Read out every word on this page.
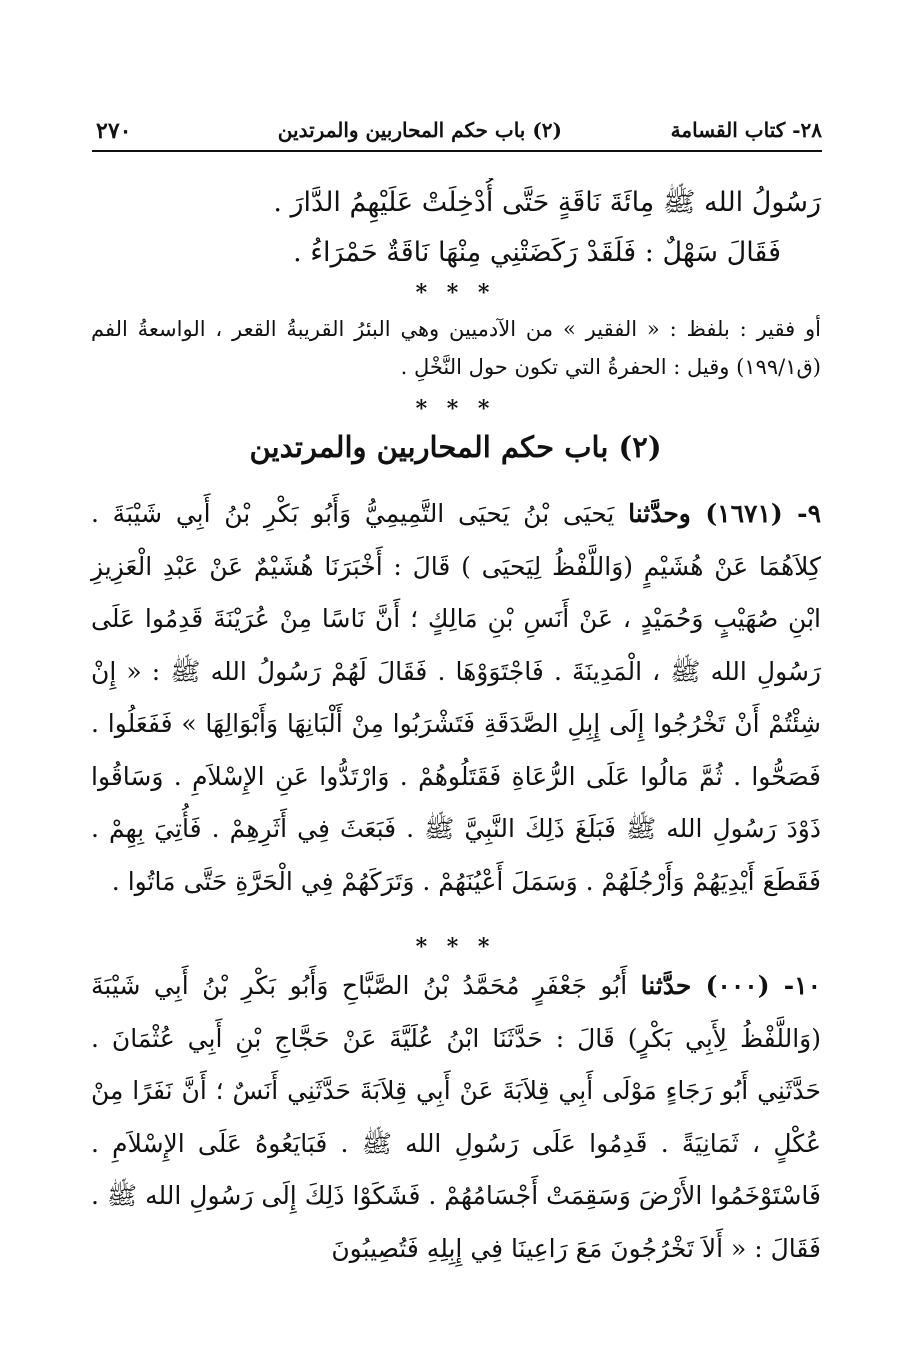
٢٨- كتاب القسامة
(٢) باب حكم المحاربين والمرتدين
٢٧٠
رَسُولُ الله ﷺ مِائَةَ نَاقَةٍ حَتَّى أُدْخِلَتْ عَلَيْهِمُ الدَّارَ .
فَقَالَ سَهْلٌ : فَلَقَدْ رَكَضَتْنِي مِنْهَا نَاقَةٌ حَمْرَاءُ .
* * *
أو فقير : بلفظ : « الفقير » من الآدميين وهي البئرُ القريبةُ القعر ، الواسعةُ الفم (ق١٩٩/١) وقيل : الحفرةُ التي تكون حول النَّخْلِ .
* * *
(٢) باب حكم المحاربين والمرتدين
٩- (١٦٧١) وحدَّثنا يَحيَى بْنُ يَحيَى التَّمِيمِيُّ وَأَبُو بَكْرِ بْنُ أَبِي شَيْبَةَ . كِلاَهُمَا عَنْ هُشَيْمٍ (وَاللَّفْظُ لِيَحيَى ) قَالَ : أَخْبَرَنَا هُشَيْمٌ عَنْ عَبْدِ الْعَزِيزِ ابْنِ صُهَيْبٍ وَحُمَيْدٍ ، عَنْ أَنَسِ بْنِ مَالِكٍ ؛ أَنَّ نَاسًا مِنْ عُرَيْنَةَ قَدِمُوا عَلَى رَسُولِ الله ﷺ ، الْمَدِينَةَ . فَاجْتَوَوْهَا . فَقَالَ لَهُمْ رَسُولُ الله ﷺ : « إِنْ شِئْتُمْ أَنْ تَخْرُجُوا إِلَى إِبِلِ الصَّدَقَةِ فَتَشْرَبُوا مِنْ أَلْبَانِهَا وَأَبْوَالِهَا » فَفَعَلُوا . فَصَحُّوا . ثُمَّ مَالُوا عَلَى الرُّعَاةِ فَقَتَلُوهُمْ . وَارْتَدُّوا عَنِ الإِسْلاَمِ . وَسَاقُوا ذَوْدَ رَسُولِ الله ﷺ فَبَلَغَ ذَلِكَ النَّبِيَّ ﷺ . فَبَعَثَ فِي أَثَرِهِمْ . فَأُتِيَ بِهِمْ . فَقَطَعَ أَيْدِيَهُمْ وَأَرْجُلَهُمْ . وَسَمَلَ أَعْيُنَهُمْ . وَتَرَكَهُمْ فِي الْحَرَّةِ حَتَّى مَاتُوا .
* * *
١٠- (٠٠٠) حدَّثنا أَبُو جَعْفَرٍ مُحَمَّدُ بْنُ الصَّبَّاحِ وَأَبُو بَكْرِ بْنُ أَبِي شَيْبَةَ (وَاللَّفْظُ لِأَبِي بَكْرٍ) قَالَ : حَدَّثَنَا ابْنُ عُلَيَّةَ عَنْ حَجَّاجِ بْنِ أَبِي عُثْمَانَ . حَدَّثَنِي أَبُو رَجَاءٍ مَوْلَى أَبِي قِلاَبَةَ عَنْ أَبِي قِلاَبَةَ حَدَّثَنِي أَنَسٌ ؛ أَنَّ نَفَرًا مِنْ عُكْلٍ ، ثَمَانِيَةً . قَدِمُوا عَلَى رَسُولِ الله ﷺ . فَبَايَعُوهُ عَلَى الإِسْلاَمِ . فَاسْتَوْخَمُوا الأَرْضَ وَسَقِمَتْ أَجْسَامُهُمْ . فَشَكَوْا ذَلِكَ إِلَى رَسُولِ الله ﷺ . فَقَالَ : « أَلاَ تَخْرُجُونَ مَعَ رَاعِينَا فِي إِبِلِهِ فَتُصِيبُونَ
